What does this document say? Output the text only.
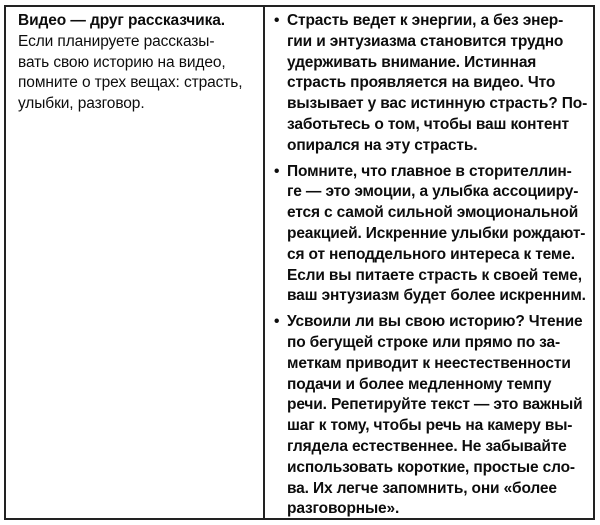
Видео — друг рассказчика.
Если планируете рассказы-
вать свою историю на видео,
помните о трех вещах: страсть,
улыбки, разговор.
• Страсть ведет к энергии, а без энер-
гии и энтузиазма становится трудно
удерживать внимание. Истинная
страсть проявляется на видео. Что
вызывает у вас истинную страсть? По-
заботьтесь о том, чтобы ваш контент
опирался на эту страсть.
• Помните, что главное в сторителлин-
ге — это эмоции, а улыбка ассоцииру-
ется с самой сильной эмоциональной
реакцией. Искренние улыбки рождают-
ся от неподдельного интереса к теме.
Если вы питаете страсть к своей теме,
ваш энтузиазм будет более искренним.
• Усвоили ли вы свою историю? Чтение
по бегущей строке или прямо по за-
меткам приводит к неестественности
подачи и более медленному темпу
речи. Репетируйте текст — это важный
шаг к тому, чтобы речь на камеру вы-
глядела естественнее. Не забывайте
использовать короткие, простые сло-
ва. Их легче запомнить, они «более
разговорные».
